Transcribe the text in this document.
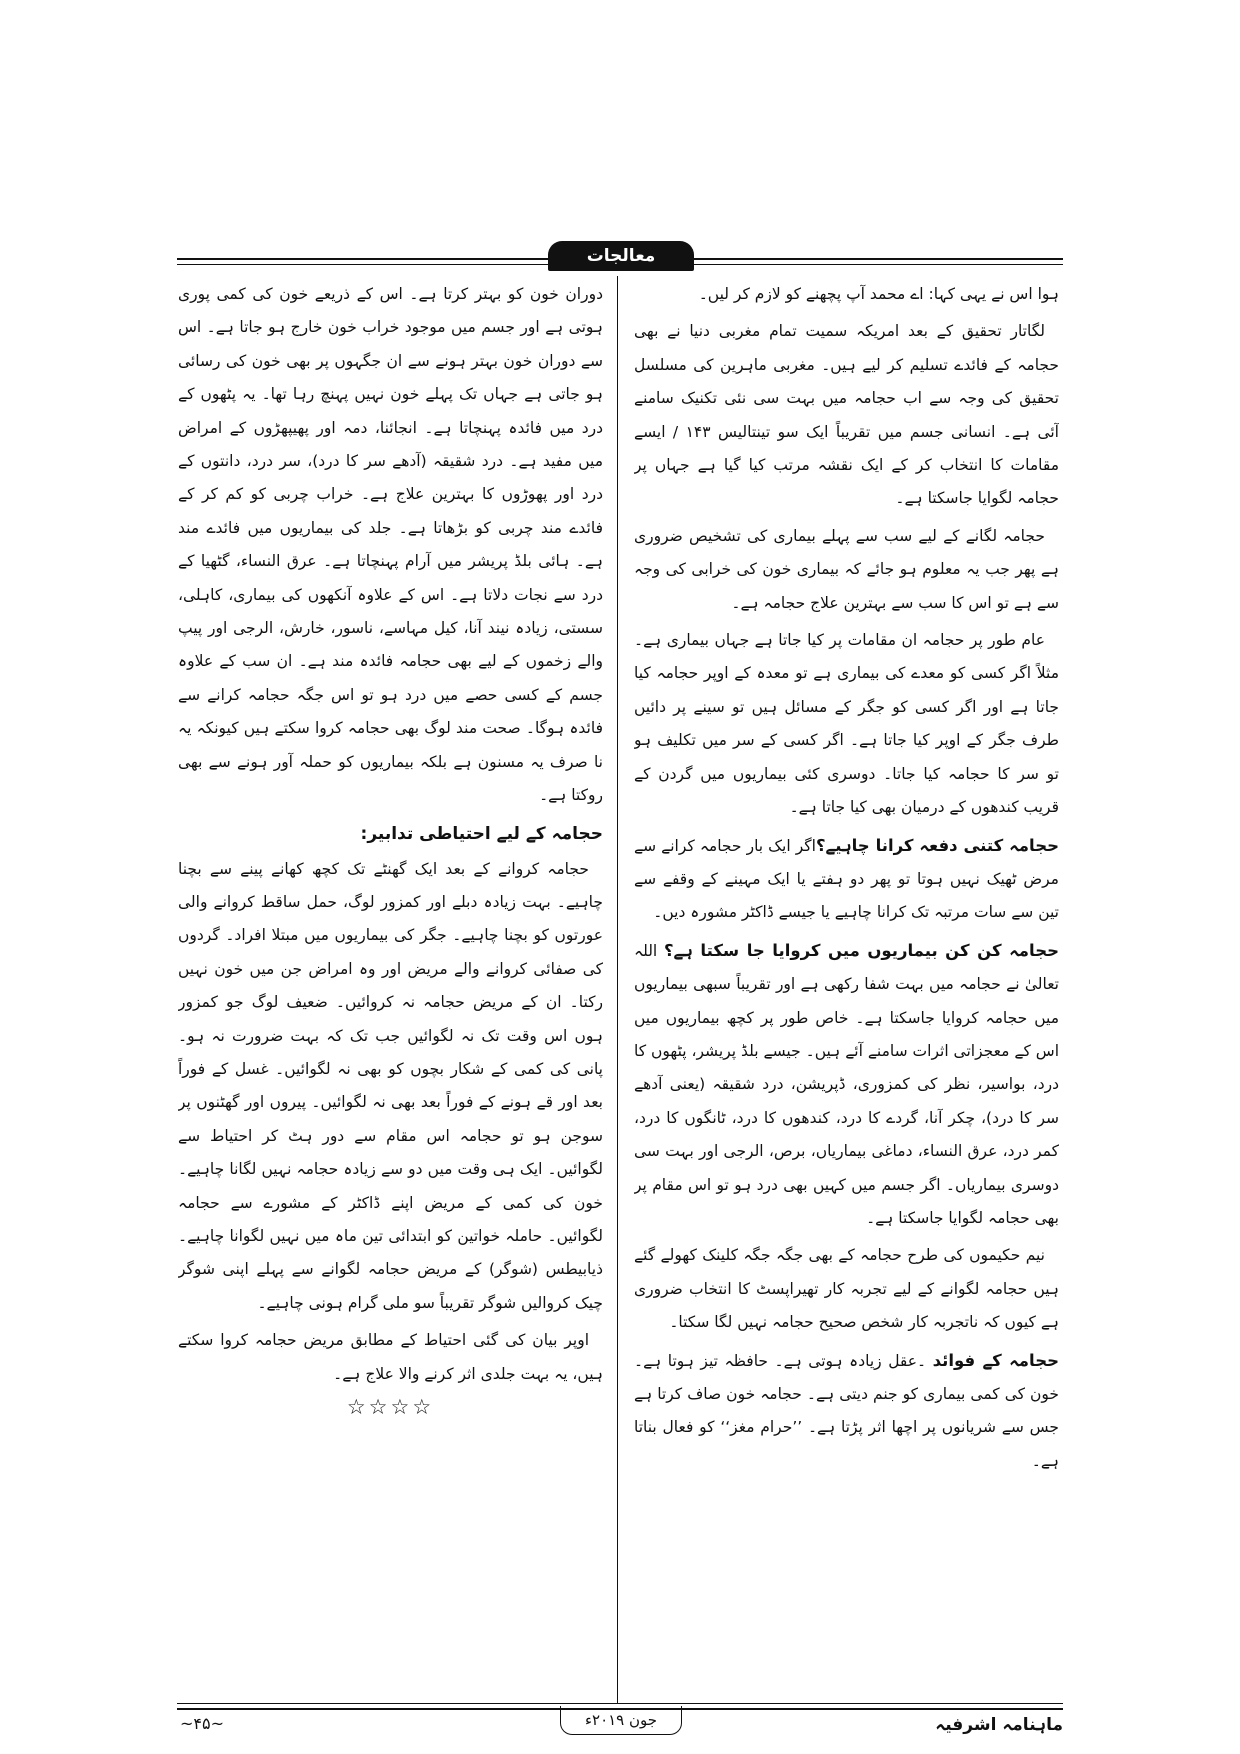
معالجات

ہوا اس نے یہی کہا: اے محمد آپ پچھنے کو لازم کر لیں۔

لگاتار تحقیق کے بعد امریکہ سمیت تمام مغربی دنیا نے بھی حجامہ کے فائدے تسلیم کر لیے ہیں۔ مغربی ماہرین کی مسلسل تحقیق کی وجہ سے اب حجامہ میں بہت سی نئی تکنیک سامنے آئی ہے۔ انسانی جسم میں تقریباً ایک سو تینتالیس ۱۴۳ / ایسے مقامات کا انتخاب کر کے ایک نقشہ مرتب کیا گیا ہے جہاں پر حجامہ لگوایا جاسکتا ہے۔

حجامہ لگانے کے لیے سب سے پہلے بیماری کی تشخیص ضروری ہے پھر جب یہ معلوم ہو جائے کہ بیماری خون کی خرابی کی وجہ سے ہے تو اس کا سب سے بہترین علاج حجامہ ہے۔

عام طور پر حجامہ ان مقامات پر کیا جاتا ہے جہاں بیماری ہے۔ مثلاً اگر کسی کو معدے کی بیماری ہے تو معدہ کے اوپر حجامہ کیا جاتا ہے اور اگر کسی کو جگر کے مسائل ہیں تو سینے پر دائیں طرف جگر کے اوپر کیا جاتا ہے۔ اگر کسی کے سر میں تکلیف ہو تو سر کا حجامہ کیا جاتا۔ دوسری کئی بیماریوں میں گردن کے قریب کندھوں کے درمیان بھی کیا جاتا ہے۔

حجامہ کتنی دفعہ کرانا چاہیے؟اگر ایک بار حجامہ کرانے سے مرض ٹھیک نہیں ہوتا تو پھر دو ہفتے یا ایک مہینے کے وقفے سے تین سے سات مرتبہ تک کرانا چاہیے یا جیسے ڈاکٹر مشورہ دیں۔

حجامہ کن کن بیماریوں میں کروایا جا سکتا ہے؟ اللہ تعالیٰ نے حجامہ میں بہت شفا رکھی ہے اور تقریباً سبھی بیماریوں میں حجامہ کروایا جاسکتا ہے۔ خاص طور پر کچھ بیماریوں میں اس کے معجزاتی اثرات سامنے آئے ہیں۔ جیسے بلڈ پریشر، پٹھوں کا درد، بواسیر، نظر کی کمزوری، ڈپریشن، درد شقیقہ (یعنی آدھے سر کا درد)، چکر آنا، گردے کا درد، کندھوں کا درد، ٹانگوں کا درد، کمر درد، عرق النساء، دماغی بیماریاں، برص، الرجی اور بہت سی دوسری بیماریاں۔ اگر جسم میں کہیں بھی درد ہو تو اس مقام پر بھی حجامہ لگوایا جاسکتا ہے۔

نیم حکیموں کی طرح حجامہ کے بھی جگہ جگہ کلینک کھولے گئے ہیں حجامہ لگوانے کے لیے تجربہ کار تھیراپسٹ کا انتخاب ضروری ہے کیوں کہ ناتجربہ کار شخص صحیح حجامہ نہیں لگا سکتا۔

حجامہ کے فوائد ۔عقل زیادہ ہوتی ہے۔ حافظہ تیز ہوتا ہے۔ خون کی کمی بیماری کو جنم دیتی ہے۔ حجامہ خون صاف کرتا ہے جس سے شریانوں پر اچھا اثر پڑتا ہے۔ ’’حرام مغز‘‘ کو فعال بناتا ہے۔

دوران خون کو بہتر کرتا ہے۔ اس کے ذریعے خون کی کمی پوری ہوتی ہے اور جسم میں موجود خراب خون خارج ہو جاتا ہے۔ اس سے دوران خون بہتر ہونے سے ان جگہوں پر بھی خون کی رسائی ہو جاتی ہے جہاں تک پہلے خون نہیں پہنچ رہا تھا۔ یہ پٹھوں کے درد میں فائدہ پہنچاتا ہے۔ انجائنا، دمہ اور پھیپھڑوں کے امراض میں مفید ہے۔ درد شقیقہ (آدھے سر کا درد)، سر درد، دانتوں کے درد اور پھوڑوں کا بہترین علاج ہے۔ خراب چربی کو کم کر کے فائدے مند چربی کو بڑھاتا ہے۔ جلد کی بیماریوں میں فائدے مند ہے۔ ہائی بلڈ پریشر میں آرام پہنچاتا ہے۔ عرق النساء، گٹھیا کے درد سے نجات دلاتا ہے۔ اس کے علاوہ آنکھوں کی بیماری، کاہلی، سستی، زیادہ نیند آنا، کیل مہاسے، ناسور، خارش، الرجی اور پیپ والے زخموں کے لیے بھی حجامہ فائدہ مند ہے۔ ان سب کے علاوہ جسم کے کسی حصے میں درد ہو تو اس جگہ حجامہ کرانے سے فائدہ ہوگا۔ صحت مند لوگ بھی حجامہ کروا سکتے ہیں کیونکہ یہ نا صرف یہ مسنون ہے بلکہ بیماریوں کو حملہ آور ہونے سے بھی روکتا ہے۔

حجامہ کے لیے احتیاطی تدابیر:

حجامہ کروانے کے بعد ایک گھنٹے تک کچھ کھانے پینے سے بچنا چاہیے۔ بہت زیادہ دبلے اور کمزور لوگ، حمل ساقط کروانے والی عورتوں کو بچنا چاہیے۔ جگر کی بیماریوں میں مبتلا افراد۔ گردوں کی صفائی کروانے والے مریض اور وہ امراض جن میں خون نہیں رکتا۔ ان کے مریض حجامہ نہ کروائیں۔ ضعیف لوگ جو کمزور ہوں اس وقت تک نہ لگوائیں جب تک کہ بہت ضرورت نہ ہو۔ پانی کی کمی کے شکار بچوں کو بھی نہ لگوائیں۔ غسل کے فوراً بعد اور قے ہونے کے فوراً بعد بھی نہ لگوائیں۔ پیروں اور گھٹنوں پر سوجن ہو تو حجامہ اس مقام سے دور ہٹ کر احتیاط سے لگوائیں۔ ایک ہی وقت میں دو سے زیادہ حجامہ نہیں لگانا چاہیے۔ خون کی کمی کے مریض اپنے ڈاکٹر کے مشورے سے حجامہ لگوائیں۔ حاملہ خواتین کو ابتدائی تین ماہ میں نہیں لگوانا چاہیے۔ ذیابیطس (شوگر) کے مریض حجامہ لگوانے سے پہلے اپنی شوگر چیک کروالیں شوگر تقریباً سو ملی گرام ہونی چاہیے۔

اوپر بیان کی گئی احتیاط کے مطابق مریض حجامہ کروا سکتے ہیں، یہ بہت جلدی اثر کرنے والا علاج ہے۔

☆☆☆☆
ماہنامہ اشرفیہ
جون ۲۰۱۹ء
~۴۵~
